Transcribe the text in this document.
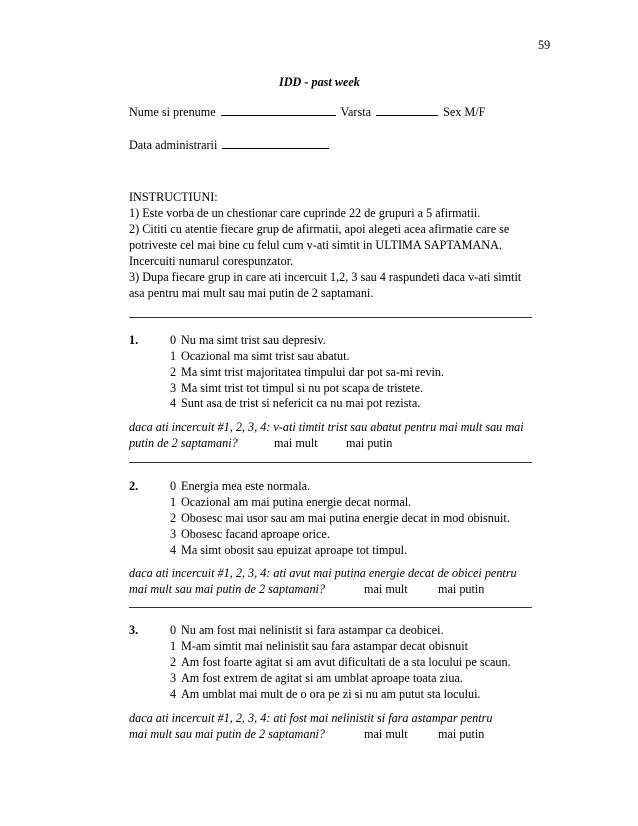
59
IDD - past week
Nume si prenume	Varsta	Sex M/F
Data administrarii
INSTRUCTIUNI:
1) Este vorba de un chestionar care cuprinde 22 de grupuri a 5 afirmatii.
2) Cititi cu atentie fiecare grup de afirmatii, apoi alegeti acea afirmatie care se
potriveste cel mai bine cu felul cum v-ati simtit in ULTIMA SAPTAMANA.
Incercuiti numarul corespunzator.
3) Dupa fiecare grup in care ati incercuit 1,2, 3 sau 4 raspundeti daca v-ati simtit
asa pentru mai mult sau mai putin de 2 saptamani.
1.	0 Nu ma simt trist sau depresiv.
1 Ocazional ma simt trist sau abatut.
2 Ma simt trist majoritatea timpului dar pot sa-mi revin.
3 Ma simt trist tot timpul si nu pot scapa de tristete.
4 Sunt asa de trist si nefericit ca nu mai pot rezista.
daca ati incercuit #1, 2, 3, 4: v-ati timtit trist sau abatut pentru mai mult sau mai
putin de 2 saptamani?	mai mult mai putin
2.	0 Energia mea este normala.
1 Ocazional am mai putina energie decat normal.
2 Obosesc mai usor sau am mai putina energie decat in mod obisnuit.
3 Obosesc facand aproape orice.
4 Ma simt obosit sau epuizat aproape tot timpul.
daca ati incercuit #1, 2, 3, 4: ati avut mai putina energie decat de obicei pentru
mai mult sau mai putin de 2 saptamani?	mai mult mai putin
3.	0 Nu am fost mai nelinistit si fara astampar ca deobicei.
1 M-am simtit mai nelinistit sau fara astampar decat obisnuit
2 Am fost foarte agitat si am avut dificultati de a sta locului pe scaun.
3 Am fost extrem de agitat si am umblat aproape toata ziua.
4 Am umblat mai mult de o ora pe zi si nu am putut sta locului.
daca ati incercuit #1, 2, 3, 4: ati fost mai nelinistit si fara astampar pentru
mai mult sau mai putin de 2 saptamani?	mai mult mai putin
